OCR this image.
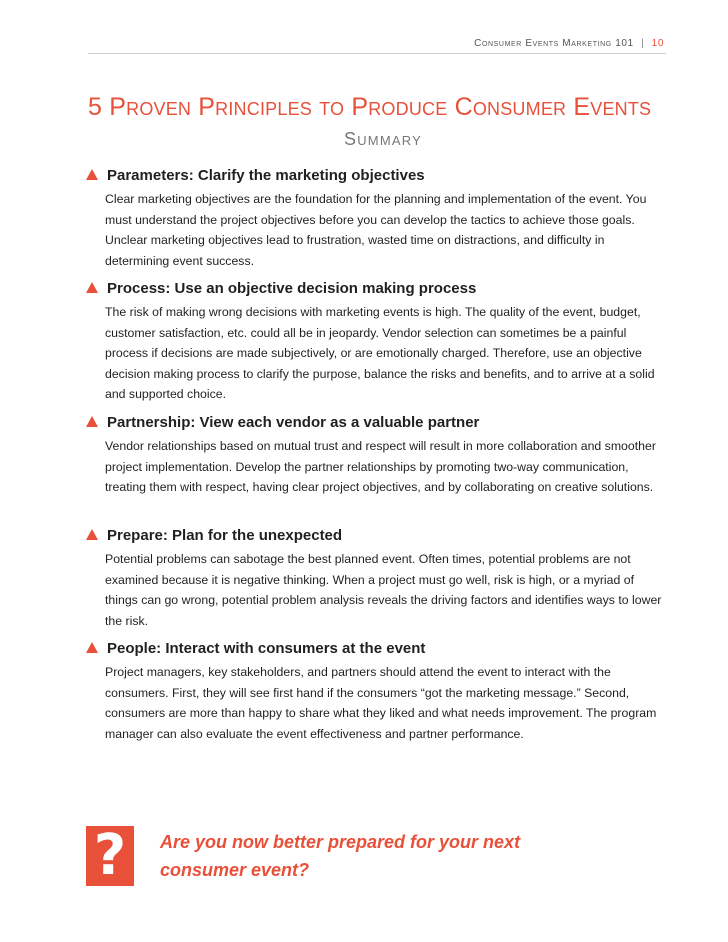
Consumer Events Marketing 101 | 10
5 Proven Principles to Produce Consumer Events
Summary
Parameters: Clarify the marketing objectives
Clear marketing objectives are the foundation for the planning and implementation of the event. You must understand the project objectives before you can develop the tactics to achieve those goals. Unclear marketing objectives lead to frustration, wasted time on distractions, and difficulty in determining event success.
Process: Use an objective decision making process
The risk of making wrong decisions with marketing events is high. The quality of the event, budget, customer satisfaction, etc. could all be in jeopardy. Vendor selection can sometimes be a painful process if decisions are made subjectively, or are emotionally charged. Therefore, use an objective decision making process to clarify the purpose, balance the risks and benefits, and to arrive at a solid and supported choice.
Partnership: View each vendor as a valuable partner
Vendor relationships based on mutual trust and respect will result in more collaboration and smoother project implementation. Develop the partner relationships by promoting two-way communication, treating them with respect, having clear project objectives, and by collaborating on creative solutions.
Prepare: Plan for the unexpected
Potential problems can sabotage the best planned event. Often times, potential problems are not examined because it is negative thinking. When a project must go well, risk is high, or a myriad of things can go wrong, potential problem analysis reveals the driving factors and identifies ways to lower the risk.
People: Interact with consumers at the event
Project managers, key stakeholders, and partners should attend the event to interact with the consumers. First, they will see first hand if the consumers “got the marketing message.” Second, consumers are more than happy to share what they liked and what needs improvement. The program manager can also evaluate the event effectiveness and partner performance.
?	Are you now better prepared for your next consumer event?
